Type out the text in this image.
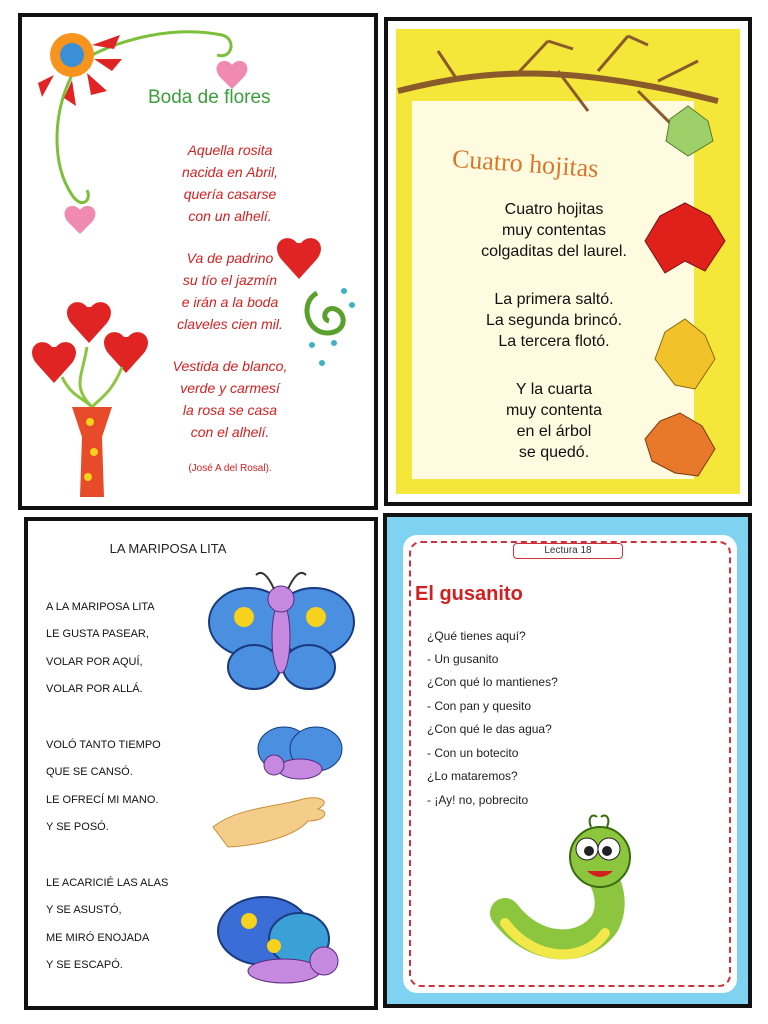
Boda de flores
Aquella rosita
nacida en Abril,
quería casarse
con un alhelí.
Va de padrino
su tío el jazmín
e irán a la boda
claveles cien mil.
Vestida de blanco,
verde y carmesí
la rosa se casa
con el alhelí.
(José A del Rosal).
Cuatro hojitas
Cuatro hojitas
muy contentas
colgaditas del laurel.
La primera saltó.
La segunda brincó.
La tercera flotó.
Y la cuarta
muy contenta
en el árbol
se quedó.
LA MARIPOSA LITA
A LA MARIPOSA LITA
LE GUSTA PASEAR,
VOLAR POR AQUÍ,
VOLAR POR ALLÁ.
VOLÓ TANTO TIEMPO
QUE SE CANSÓ.
LE OFRECÍ MI MANO.
Y SE POSÓ.
LE ACARICIÉ LAS ALAS
Y SE ASUSTÓ,
ME MIRÓ ENOJADA
Y SE ESCAPÓ.
Lectura 18
El gusanito
¿Qué tienes aquí?
- Un gusanito
¿Con qué lo mantienes?
- Con pan y quesito
¿Con qué le das agua?
- Con un botecito
¿Lo mataremos?
- ¡Ay! no, pobrecito
